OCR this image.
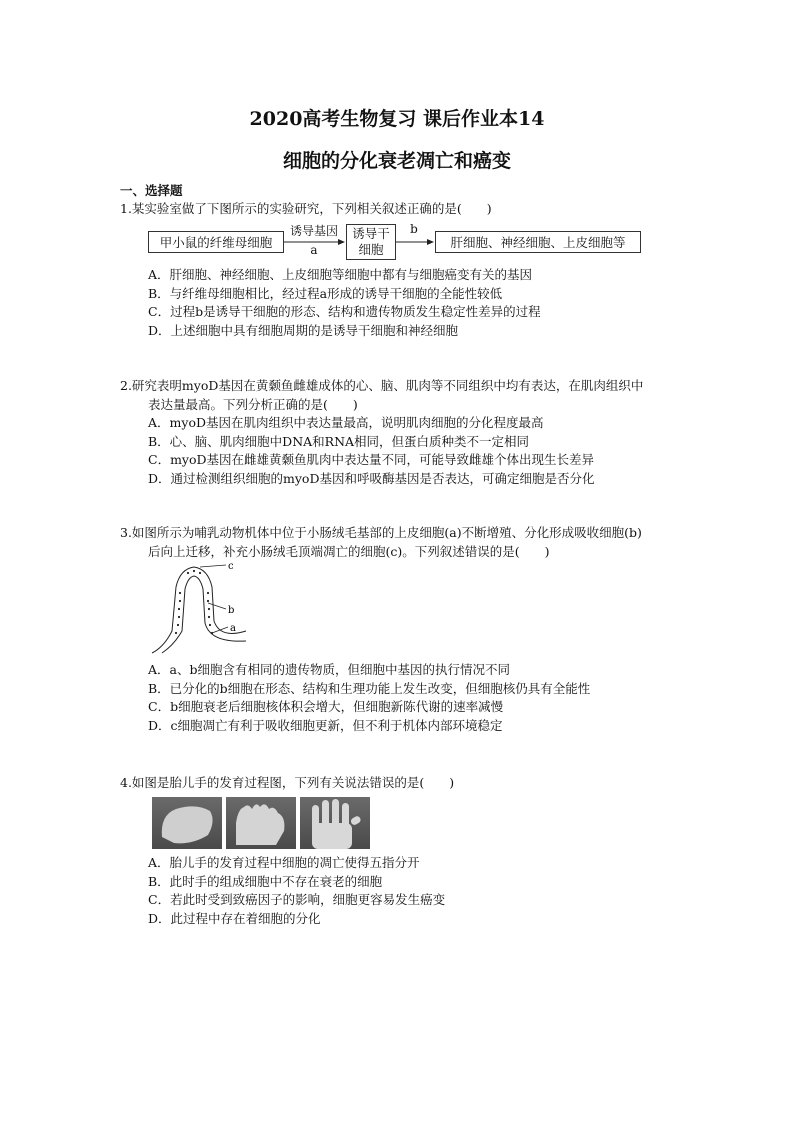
2020高考生物复习 课后作业本14
细胞的分化衰老凋亡和癌变
一、选择题

1.某实验室做了下图所示的实验研究，下列相关叙述正确的是(　　)

甲小鼠的纤维母细胞
诱导基因
a
诱导干
细胞
b
肝细胞、神经细胞、上皮细胞等
A．肝细胞、神经细胞、上皮细胞等细胞中都有与细胞癌变有关的基因
B．与纤维母细胞相比，经过程a形成的诱导干细胞的全能性较低
C．过程b是诱导干细胞的形态、结构和遗传物质发生稳定性差异的过程
D．上述细胞中具有细胞周期的是诱导干细胞和神经细胞

2.研究表明myoD基因在黄颡鱼雌雄成体的心、脑、肌肉等不同组织中均有表达，在肌肉组织中

表达量最高。下列分析正确的是(　　)

A．myoD基因在肌肉组织中表达量最高，说明肌肉细胞的分化程度最高
B．心、脑、肌肉细胞中DNA和RNA相同，但蛋白质种类不一定相同
C．myoD基因在雌雄黄颡鱼肌肉中表达量不同，可能导致雌雄个体出现生长差异
D．通过检测组织细胞的myoD基因和呼吸酶基因是否表达，可确定细胞是否分化

3.如图所示为哺乳动物机体中位于小肠绒毛基部的上皮细胞(a)不断增殖、分化形成吸收细胞(b)

后向上迁移，补充小肠绒毛顶端凋亡的细胞(c)。下列叙述错误的是(　　)

c
b
a
A．a、b细胞含有相同的遗传物质，但细胞中基因的执行情况不同
B．已分化的b细胞在形态、结构和生理功能上发生改变，但细胞核仍具有全能性
C．b细胞衰老后细胞核体积会增大，但细胞新陈代谢的速率减慢
D．c细胞凋亡有利于吸收细胞更新，但不利于机体内部环境稳定

4.如图是胎儿手的发育过程图，下列有关说法错误的是(　　)

A．胎儿手的发育过程中细胞的凋亡使得五指分开
B．此时手的组成细胞中不存在衰老的细胞
C．若此时受到致癌因子的影响，细胞更容易发生癌变
D．此过程中存在着细胞的分化
